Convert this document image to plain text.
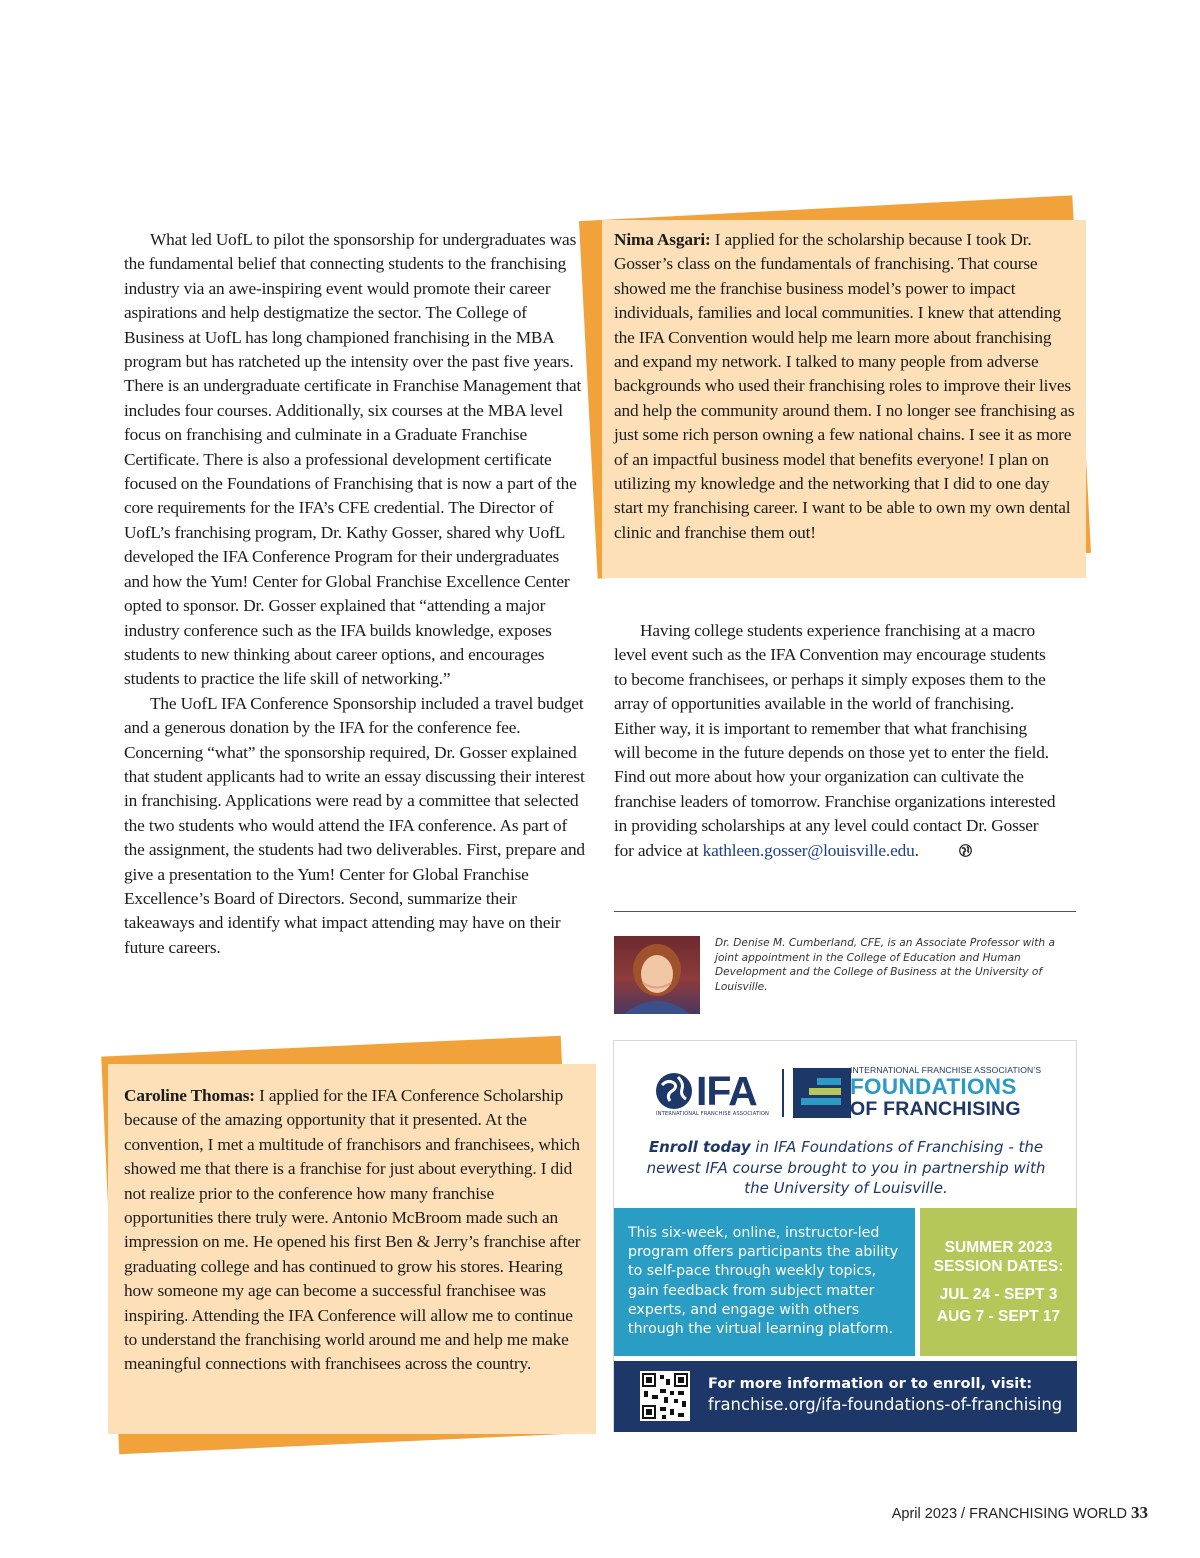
What led UofL to pilot the sponsorship for undergraduates was the fundamental belief that connecting students to the franchising industry via an awe-inspiring event would promote their career aspirations and help destigmatize the sector. The College of Business at UofL has long championed franchising in the MBA program but has ratcheted up the intensity over the past five years. There is an undergraduate certificate in Franchise Management that includes four courses. Additionally, six courses at the MBA level focus on franchising and culminate in a Graduate Franchise Certificate. There is also a professional development certificate focused on the Foundations of Franchising that is now a part of the core requirements for the IFA’s CFE credential. The Director of UofL’s franchising program, Dr. Kathy Gosser, shared why UofL developed the IFA Conference Program for their undergraduates and how the Yum! Center for Global Franchise Excellence Center opted to sponsor. Dr. Gosser explained that “attending a major industry conference such as the IFA builds knowledge, exposes students to new thinking about career options, and encourages students to practice the life skill of networking.”

The UofL IFA Conference Sponsorship included a travel budget and a generous donation by the IFA for the conference fee. Concerning “what” the sponsorship required, Dr. Gosser explained that student applicants had to write an essay discussing their interest in franchising. Applications were read by a committee that selected the two students who would attend the IFA conference. As part of the assignment, the students had two deliverables. First, prepare and give a presentation to the Yum! Center for Global Franchise Excellence’s Board of Directors. Second, summarize their takeaways and identify what impact attending may have on their future careers.

Caroline Thomas: I applied for the IFA Conference Scholarship because of the amazing opportunity that it presented. At the convention, I met a multitude of franchisors and franchisees, which showed me that there is a franchise for just about everything. I did not realize prior to the conference how many franchise opportunities there truly were. Antonio McBroom made such an impression on me. He opened his first Ben & Jerry’s franchise after graduating college and has continued to grow his stores. Hearing how someone my age can become a successful franchisee was inspiring. Attending the IFA Conference will allow me to continue to understand the franchising world around me and help me make meaningful connections with franchisees across the country.

Nima Asgari: I applied for the scholarship because I took Dr. Gosser’s class on the fundamentals of franchising. That course showed me the franchise business model’s power to impact individuals, families and local communities. I knew that attending the IFA Convention would help me learn more about franchising and expand my network. I talked to many people from adverse backgrounds who used their franchising roles to improve their lives and help the community around them. I no longer see franchising as just some rich person owning a few national chains. I see it as more of an impactful business model that benefits everyone! I plan on utilizing my knowledge and the networking that I did to one day start my franchising career. I want to be able to own my own dental clinic and franchise them out!

Having college students experience franchising at a macro level event such as the IFA Convention may encourage students to become franchisees, or perhaps it simply exposes them to the array of opportunities available in the world of franchising. Either way, it is important to remember that what franchising will become in the future depends on those yet to enter the field. Find out more about how your organization can cultivate the franchise leaders of tomorrow. Franchise organizations interested in providing scholarships at any level could contact Dr. Gosser for advice at kathleen.gosser@louisville.edu.

Dr. Denise M. Cumberland, CFE, is an Associate Professor with a joint appointment in the College of Education and Human Development and the College of Business at the University of Louisville.

IFA
INTERNATIONAL FRANCHISE ASSOCIATION
INTERNATIONAL FRANCHISE ASSOCIATION’S
FOUNDATIONS
OF FRANCHISING

Enroll today in IFA Foundations of Franchising - the newest IFA course brought to you in partnership with the University of Louisville.

This six-week, online, instructor-led program offers participants the ability to self-pace through weekly topics, gain feedback from subject matter experts, and engage with others through the virtual learning platform.
SUMMER 2023
SESSION DATES:
JUL 24 - SEPT 3
AUG 7 - SEPT 17
For more information or to enroll, visit:
franchise.org/ifa-foundations-of-franchising
April 2023 / FRANCHISING WORLD 33
